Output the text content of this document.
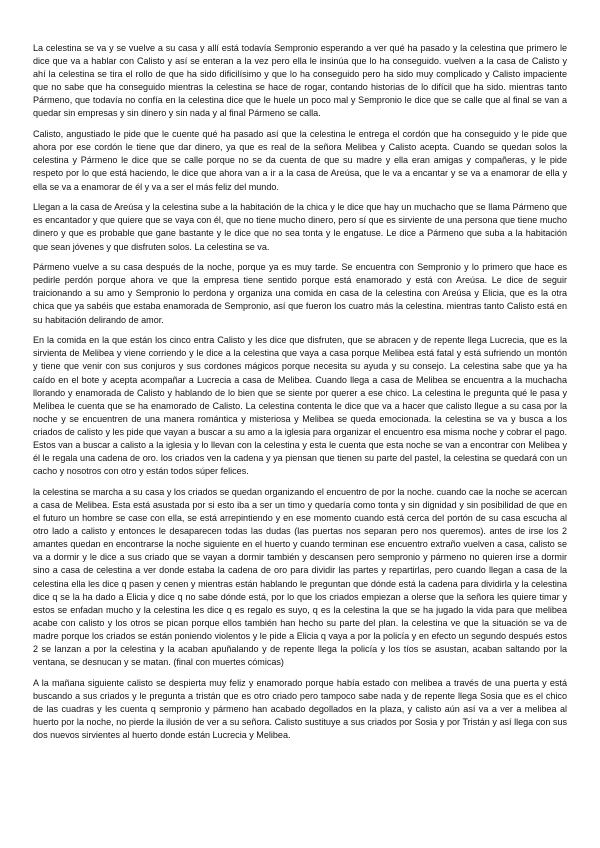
La celestina se va y se vuelve a su casa y allí está todavía Sempronio esperando a ver qué ha pasado y la celestina que primero le dice que va a hablar con Calisto y así se enteran a la vez pero ella le insinúa que lo ha conseguido. vuelven a la casa de Calisto y ahí la celestina se tira el rollo de que ha sido dificilísimo y que lo ha conseguido pero ha sido muy complicado y Calisto impaciente que no sabe que ha conseguido mientras la celestina se hace de rogar, contando historias de lo difícil que ha sido. mientras tanto Pármeno, que todavía no confía en la celestina dice que le huele un poco mal y Sempronio le dice que se calle que al final se van a quedar sin empresas y sin dinero y sin nada y al final Pármeno se calla.

Calisto, angustiado le pide que le cuente qué ha pasado así que la celestina le entrega el cordón que ha conseguido y le pide que ahora por ese cordón le tiene que dar dinero, ya que es real de la señora Melibea y Calisto acepta. Cuando se quedan solos la celestina y Pármeno le dice que se calle porque no se da cuenta de que su madre y ella eran amigas y compañeras, y le pide respeto por lo que está haciendo, le dice que ahora van a ir a la casa de Areúsa, que le va a encantar y se va a enamorar de ella y ella se va a enamorar de él y va a ser el más feliz del mundo.

Llegan a la casa de Areúsa y la celestina sube a la habitación de la chica y le dice que hay un muchacho que se llama Pármeno que es encantador y que quiere que se vaya con él, que no tiene mucho dinero, pero sí que es sirviente de una persona que tiene mucho dinero y que es probable que gane bastante y le dice que no sea tonta y le engatuse. Le dice a Pármeno que suba a la habitación que sean jóvenes y que disfruten solos. La celestina se va.

Pármeno vuelve a su casa después de la noche, porque ya es muy tarde. Se encuentra con Sempronio y lo primero que hace es pedirle perdón porque ahora ve que la empresa tiene sentido porque está enamorado y está con Areúsa. Le dice de seguir traicionando a su amo y Sempronio lo perdona y organiza una comida en casa de la celestina con Areúsa y Elicia, que es la otra chica que ya sabéis que estaba enamorada de Sempronio, así que fueron los cuatro más la celestina. mientras tanto Calisto está en su habitación delirando de amor.

En la comida en la que están los cinco entra Calisto y les dice que disfruten, que se abracen y de repente llega Lucrecia, que es la sirvienta de Melibea y viene corriendo y le dice a la celestina que vaya a casa porque Melibea está fatal y está sufriendo un montón y tiene que venir con sus conjuros y sus cordones mágicos porque necesita su ayuda y su consejo. La celestina sabe que ya ha caído en el bote y acepta acompañar a Lucrecia a casa de Melibea. Cuando llega a casa de Melibea se encuentra a la muchacha llorando y enamorada de Calisto y hablando de lo bien que se siente por querer a ese chico. La celestina le pregunta qué le pasa y Melibea le cuenta que se ha enamorado de Calisto. La celestina contenta le dice que va a hacer que calisto llegue a su casa por la noche y se encuentren de una manera romántica y misteriosa y Melibea se queda emocionada. la celestina se va y busca a los criados de calisto y les pide que vayan a buscar a su amo a la iglesia para organizar el encuentro esa misma noche y cobrar el pago. Estos van a buscar a calisto a la iglesia y lo llevan con la celestina y esta le cuenta que esta noche se van a encontrar con Melibea y él le regala una cadena de oro. los criados ven la cadena y ya piensan que tienen su parte del pastel, la celestina se quedará con un cacho y nosotros con otro y están todos súper felices.

la celestina se marcha a su casa y los criados se quedan organizando el encuentro de por la noche. cuando cae la noche se acercan a casa de Melibea. Esta está asustada por si esto iba a ser un timo y quedaría como tonta y sin dignidad y sin posibilidad de que en el futuro un hombre se case con ella, se está arrepintiendo y en ese momento cuando está cerca del portón de su casa escucha al otro lado a calisto y entonces le desaparecen todas las dudas (las puertas nos separan pero nos queremos). antes de irse los 2 amantes quedan en encontrarse la noche siguiente en el huerto y cuando terminan ese encuentro extraño vuelven a casa, calisto se va a dormir y le dice a sus criado que se vayan a dormir también y descansen pero sempronio y pármeno no quieren irse a dormir sino a casa de celestina a ver donde estaba la cadena de oro para dividir las partes y repartirlas, pero cuando llegan a casa de la celestina ella les dice q pasen y cenen y mientras están hablando le preguntan que dónde está la cadena para dividirla y la celestina dice q se la ha dado a Elicia y dice q no sabe dónde está, por lo que los criados empiezan a olerse que la señora les quiere timar y estos se enfadan mucho y la celestina les dice q es regalo es suyo, q es la celestina la que se ha jugado la vida para que melibea acabe con calisto y los otros se pican porque ellos también han hecho su parte del plan. la celestina ve que la situación se va de madre porque los criados se están poniendo violentos y le pide a Elicia q vaya a por la policía y en efecto un segundo después estos 2 se lanzan a por la celestina y la acaban apuñalando y de repente llega la policía y los tíos se asustan, acaban saltando por la ventana, se desnucan y se matan. (final con muertes cómicas)

A la mañana siguiente calisto se despierta muy feliz y enamorado porque había estado con melibea a través de una puerta y está buscando a sus criados y le pregunta a tristán que es otro criado pero tampoco sabe nada y de repente llega Sosia que es el chico de las cuadras y les cuenta q sempronio y pármeno han acabado degollados en la plaza, y calisto aún así va a ver a melibea al huerto por la noche, no pierde la ilusión de ver a su señora. Calisto sustituye a sus criados por Sosia y por Tristán y así llega con sus dos nuevos sirvientes al huerto donde están Lucrecia y Melibea.
